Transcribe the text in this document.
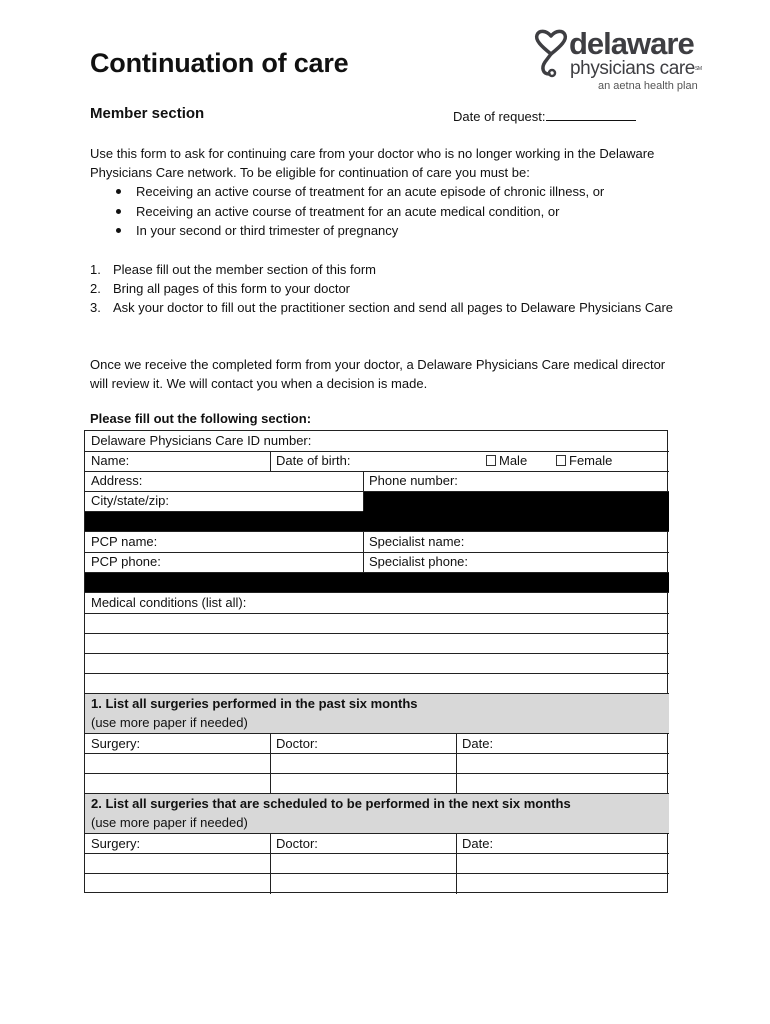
Continuation of care
delaware
physicians care℠
an aetna health plan
Member section	Date of request:
Use this form to ask for continuing care from your doctor who is no longer working in the Delaware Physicians Care network. To be eligible for continuation of care you must be:
Receiving an active course of treatment for an acute episode of chronic illness, or
Receiving an active course of treatment for an acute medical condition, or
In your second or third trimester of pregnancy
1. Please fill out the member section of this form
2. Bring all pages of this form to your doctor
3. Ask your doctor to fill out the practitioner section and send all pages to Delaware Physicians Care
Once we receive the completed form from your doctor, a Delaware Physicians Care medical director will review it. We will contact you when a decision is made.
Please fill out the following section:
Delaware Physicians Care ID number:
Name:	Date of birth:	Male	Female
Address:	Phone number:
City/state/zip:
PCP name:	Specialist name:
PCP phone:	Specialist phone:
Medical conditions (list all):
1. List all surgeries performed in the past six months
(use more paper if needed)
Surgery:	Doctor:	Date:
2. List all surgeries that are scheduled to be performed in the next six months
(use more paper if needed)
Surgery:	Doctor:	Date:
